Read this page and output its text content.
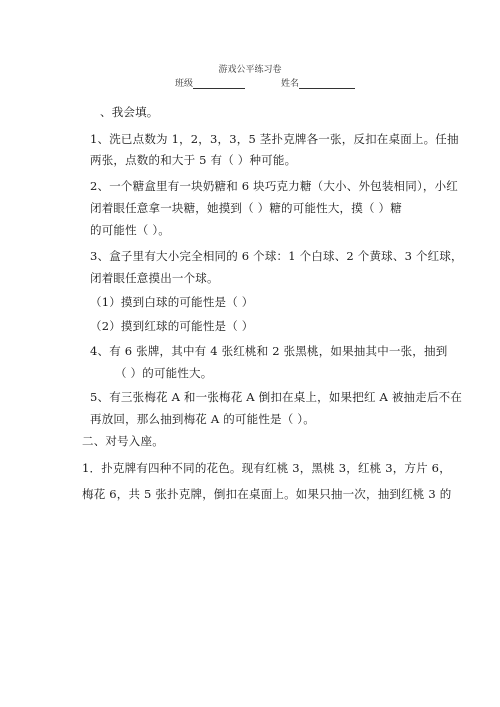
游戏公平练习卷
班级	姓名
、我会填。
1、洗已点数为 1，2，3，3，5 茎扑克牌各一张，反扣在桌面上。任抽
两张，点数的和大于 5 有（ ）种可能。
2、一个糖盒里有一块奶糖和 6 块巧克力糖（大小、外包装相同），小红
闭着眼任意拿一块糖，她摸到（ ）糖的可能性大，摸（ ）糖
的可能性（ ）。
3、盒子里有大小完全相同的 6 个球：1 个白球、2 个黄球、3 个红球，
闭着眼任意摸出一个球。
（1）摸到白球的可能性是（ ）
（2）摸到红球的可能性是（ ）
4、有 6 张牌，其中有 4 张红桃和 2 张黑桃，如果抽其中一张，抽到
（ ）的可能性大。
5、有三张梅花 A 和一张梅花 A 倒扣在桌上，如果把红 A 被抽走后不在
再放回，那么抽到梅花 A 的可能性是（ ）。
二、对号入座。
1．扑克牌有四种不同的花色。现有红桃 3，黑桃 3，红桃 3，方片 6，
梅花 6，共 5 张扑克牌，倒扣在桌面上。如果只抽一次，抽到红桃 3 的
